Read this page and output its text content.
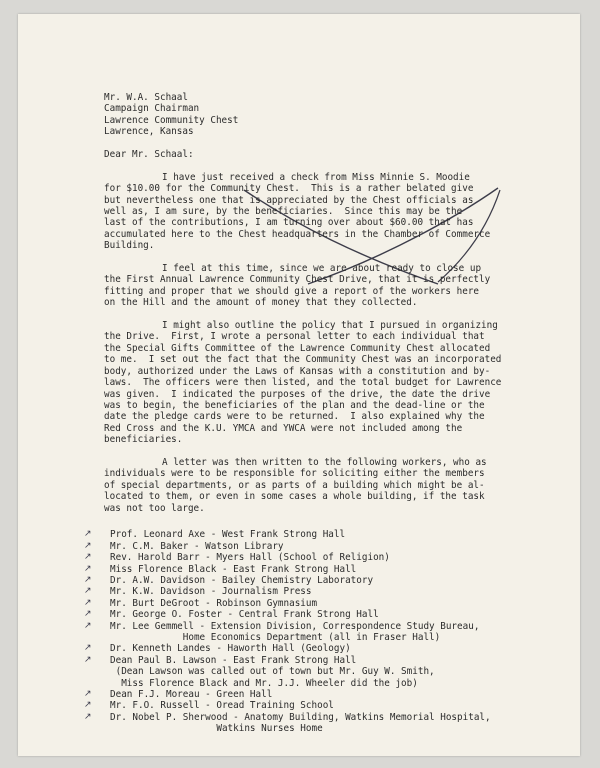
Mr. W.A. Schaal
Campaign Chairman
Lawrence Community Chest
Lawrence, Kansas
Dear Mr. Schaal:
I have just received a check from Miss Minnie S. Moodie
for $10.00 for the Community Chest.  This is a rather belated give
but nevertheless one that is appreciated by the Chest officials as
well as, I am sure, by the beneficiaries.  Since this may be the
last of the contributions, I am turning over about $60.00 that has
accumulated here to the Chest headquarters in the Chamber of Commerce
Building.
I feel at this time, since we are about ready to close up
the First Annual Lawrence Community Chest Drive, that it is perfectly
fitting and proper that we should give a report of the workers here
on the Hill and the amount of money that they collected.
I might also outline the policy that I pursued in organizing
the Drive.  First, I wrote a personal letter to each individual that
the Special Gifts Committee of the Lawrence Community Chest allocated
to me.  I set out the fact that the Community Chest was an incorporated
body, authorized under the Laws of Kansas with a constitution and by-
laws.  The officers were then listed, and the total budget for Lawrence
was given.  I indicated the purposes of the drive, the date the drive
was to begin, the beneficiaries of the plan and the dead-line or the
date the pledge cards were to be returned.  I also explained why the
Red Cross and the K.U. YMCA and YWCA were not included among the
beneficiaries.
A letter was then written to the following workers, who as
individuals were to be responsible for soliciting either the members
of special departments, or as parts of a building which might be al-
located to them, or even in some cases a whole building, if the task
was not too large.
↗ Prof. Leonard Axe - West Frank Strong Hall
↗ Mr. C.M. Baker - Watson Library
↗ Rev. Harold Barr - Myers Hall (School of Religion)
↗ Miss Florence Black - East Frank Strong Hall
↗ Dr. A.W. Davidson - Bailey Chemistry Laboratory
↗ Mr. K.W. Davidson - Journalism Press
↗ Mr. Burt DeGroot - Robinson Gymnasium
↗ Mr. George O. Foster - Central Frank Strong Hall
↗ Mr. Lee Gemmell - Extension Division, Correspondence Study Bureau,
Home Economics Department (all in Fraser Hall)
↗ Dr. Kenneth Landes - Haworth Hall (Geology)
↗ Dean Paul B. Lawson - East Frank Strong Hall
(Dean Lawson was called out of town but Mr. Guy W. Smith,
Miss Florence Black and Mr. J.J. Wheeler did the job)
↗ Dean F.J. Moreau - Green Hall
↗ Mr. F.O. Russell - Oread Training School
↗ Dr. Nobel P. Sherwood - Anatomy Building, Watkins Memorial Hospital,
Watkins Nurses Home
